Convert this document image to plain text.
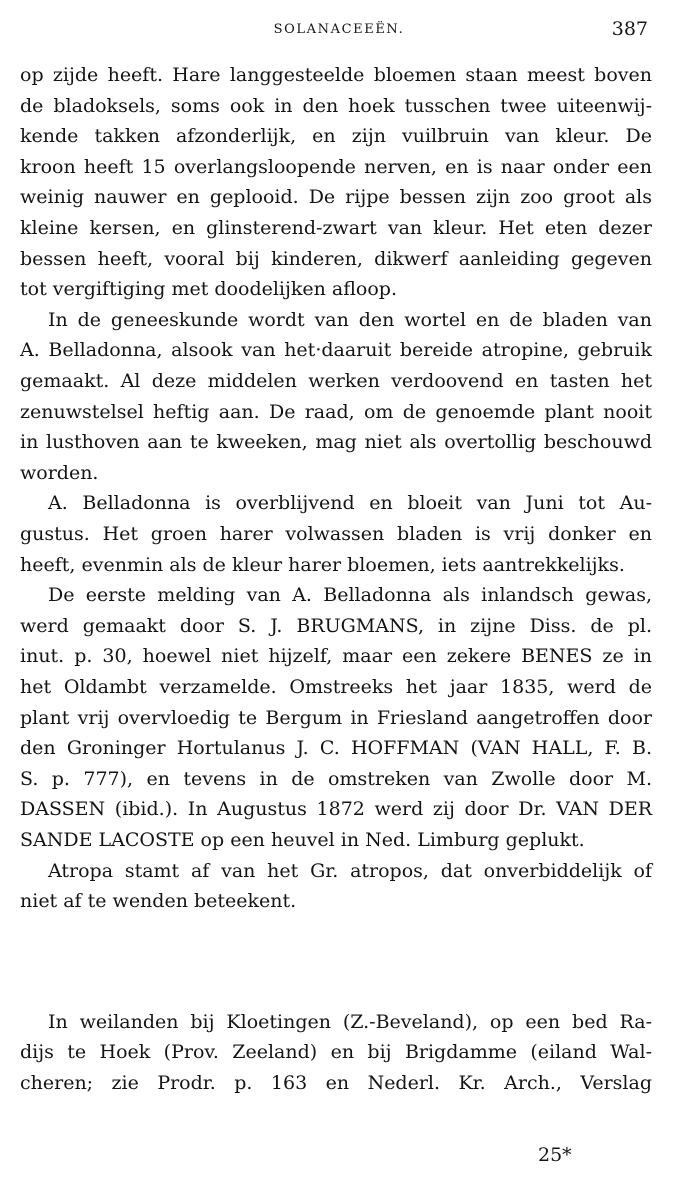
SOLANACEEËN.	387
op zijde heeft. Hare langgesteelde bloemen staan meest boven
de bladoksels, soms ook in den hoek tusschen twee uiteenwij-
kende takken afzonderlijk, en zijn vuilbruin van kleur. De
kroon heeft 15 overlangsloopende nerven, en is naar onder een
weinig nauwer en geplooid. De rijpe bessen zijn zoo groot als
kleine kersen, en glinsterend-zwart van kleur. Het eten dezer
bessen heeft, vooral bij kinderen, dikwerf aanleiding gegeven
tot vergiftiging met doodelijken afloop.
In de geneeskunde wordt van den wortel en de bladen van
A. Belladonna, alsook van het·daaruit bereide atropine, gebruik
gemaakt. Al deze middelen werken verdoovend en tasten het
zenuwstelsel heftig aan. De raad, om de genoemde plant nooit
in lusthoven aan te kweeken, mag niet als overtollig beschouwd
worden.
A. Belladonna is overblijvend en bloeit van Juni tot Au-
gustus. Het groen harer volwassen bladen is vrij donker en
heeft, evenmin als de kleur harer bloemen, iets aantrekkelijks.
De eerste melding van A. Belladonna als inlandsch gewas,
werd gemaakt door S. J. BRUGMANS, in zijne Diss. de pl.
inut. p. 30, hoewel niet hijzelf, maar een zekere BENES ze in
het Oldambt verzamelde. Omstreeks het jaar 1835, werd de
plant vrij overvloedig te Bergum in Friesland aangetroffen door
den Groninger Hortulanus J. C. HOFFMAN (VAN HALL, F. B.
S. p. 777), en tevens in de omstreken van Zwolle door M.
DASSEN (ibid.). In Augustus 1872 werd zij door Dr. VAN DER
SANDE LACOSTE op een heuvel in Ned. Limburg geplukt.
Atropa stamt af van het Gr. atropos, dat onverbiddelijk of
niet af te wenden beteekent.
In weilanden bij Kloetingen (Z.-Beveland), op een bed Ra-
dijs te Hoek (Prov. Zeeland) en bij Brigdamme (eiland Wal-
cheren; zie Prodr. p. 163 en Nederl. Kr. Arch., Verslag
25*
